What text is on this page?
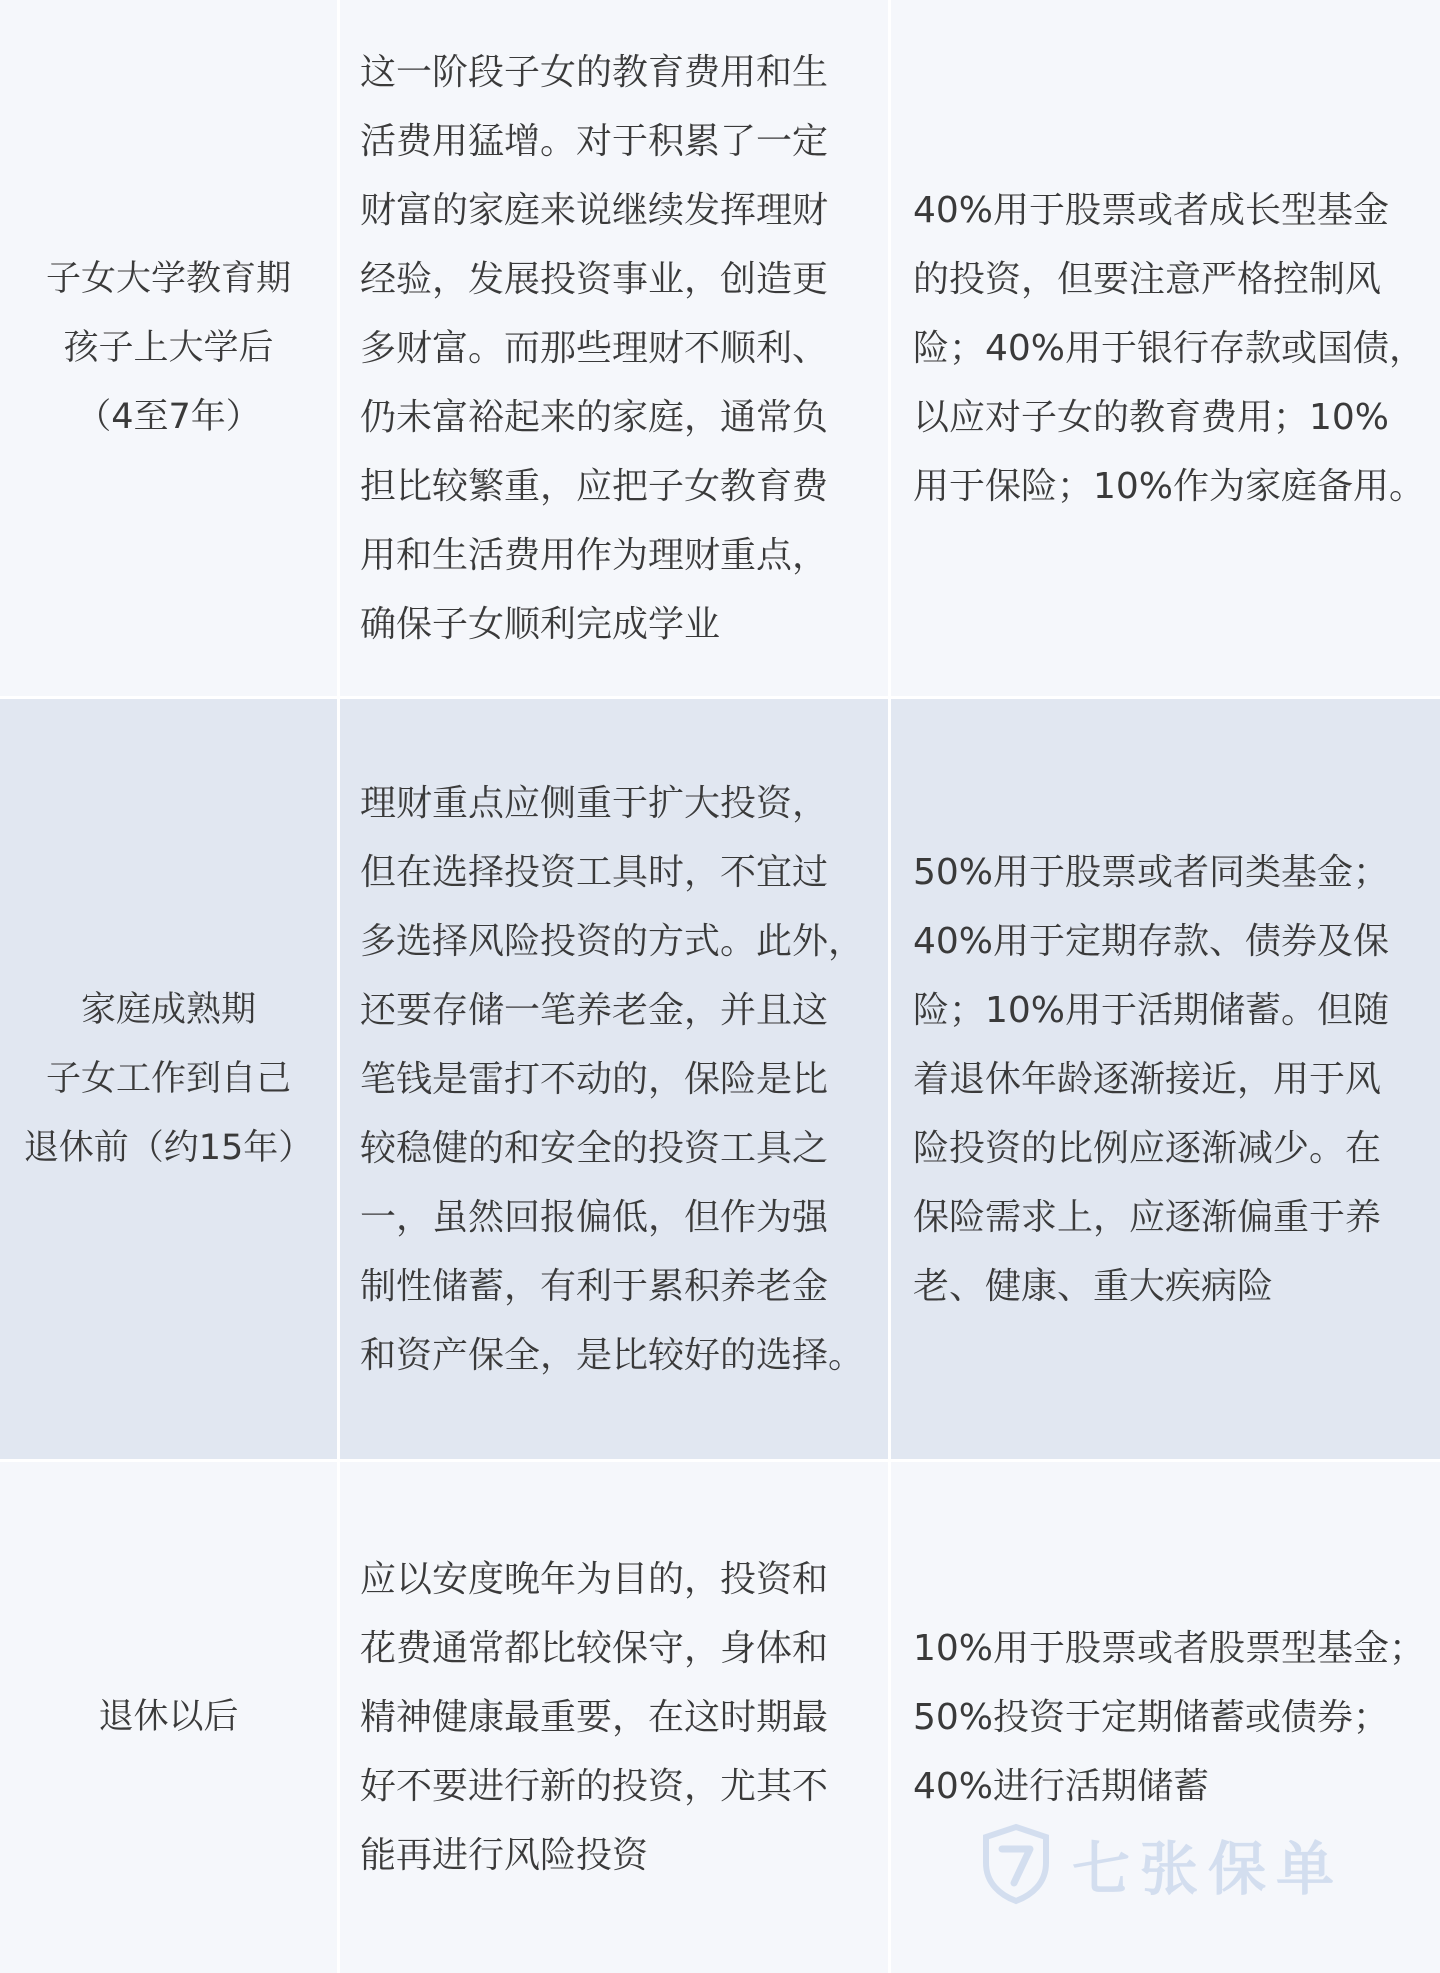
子女大学教育期
孩子上大学后
（4至7年）
这一阶段子女的教育费用和生
活费用猛增。对于积累了一定
财富的家庭来说继续发挥理财
经验，发展投资事业，创造更
多财富。而那些理财不顺利、
仍未富裕起来的家庭，通常负
担比较繁重，应把子女教育费
用和生活费用作为理财重点，
确保子女顺利完成学业
40%用于股票或者成长型基金
的投资，但要注意严格控制风
险；40%用于银行存款或国债，
以应对子女的教育费用；10%
用于保险；10%作为家庭备用。
家庭成熟期
子女工作到自己
退休前（约15年）
理财重点应侧重于扩大投资，
但在选择投资工具时，不宜过
多选择风险投资的方式。此外，
还要存储一笔养老金，并且这
笔钱是雷打不动的，保险是比
较稳健的和安全的投资工具之
一，虽然回报偏低，但作为强
制性储蓄，有利于累积养老金
和资产保全，是比较好的选择。
50%用于股票或者同类基金；
40%用于定期存款、债券及保
险；10%用于活期储蓄。但随
着退休年龄逐渐接近，用于风
险投资的比例应逐渐减少。在
保险需求上，应逐渐偏重于养
老、健康、重大疾病险
退休以后
应以安度晚年为目的，投资和
花费通常都比较保守，身体和
精神健康最重要，在这时期最
好不要进行新的投资，尤其不
能再进行风险投资
10%用于股票或者股票型基金；
50%投资于定期储蓄或债券；
40%进行活期储蓄
七张保单
